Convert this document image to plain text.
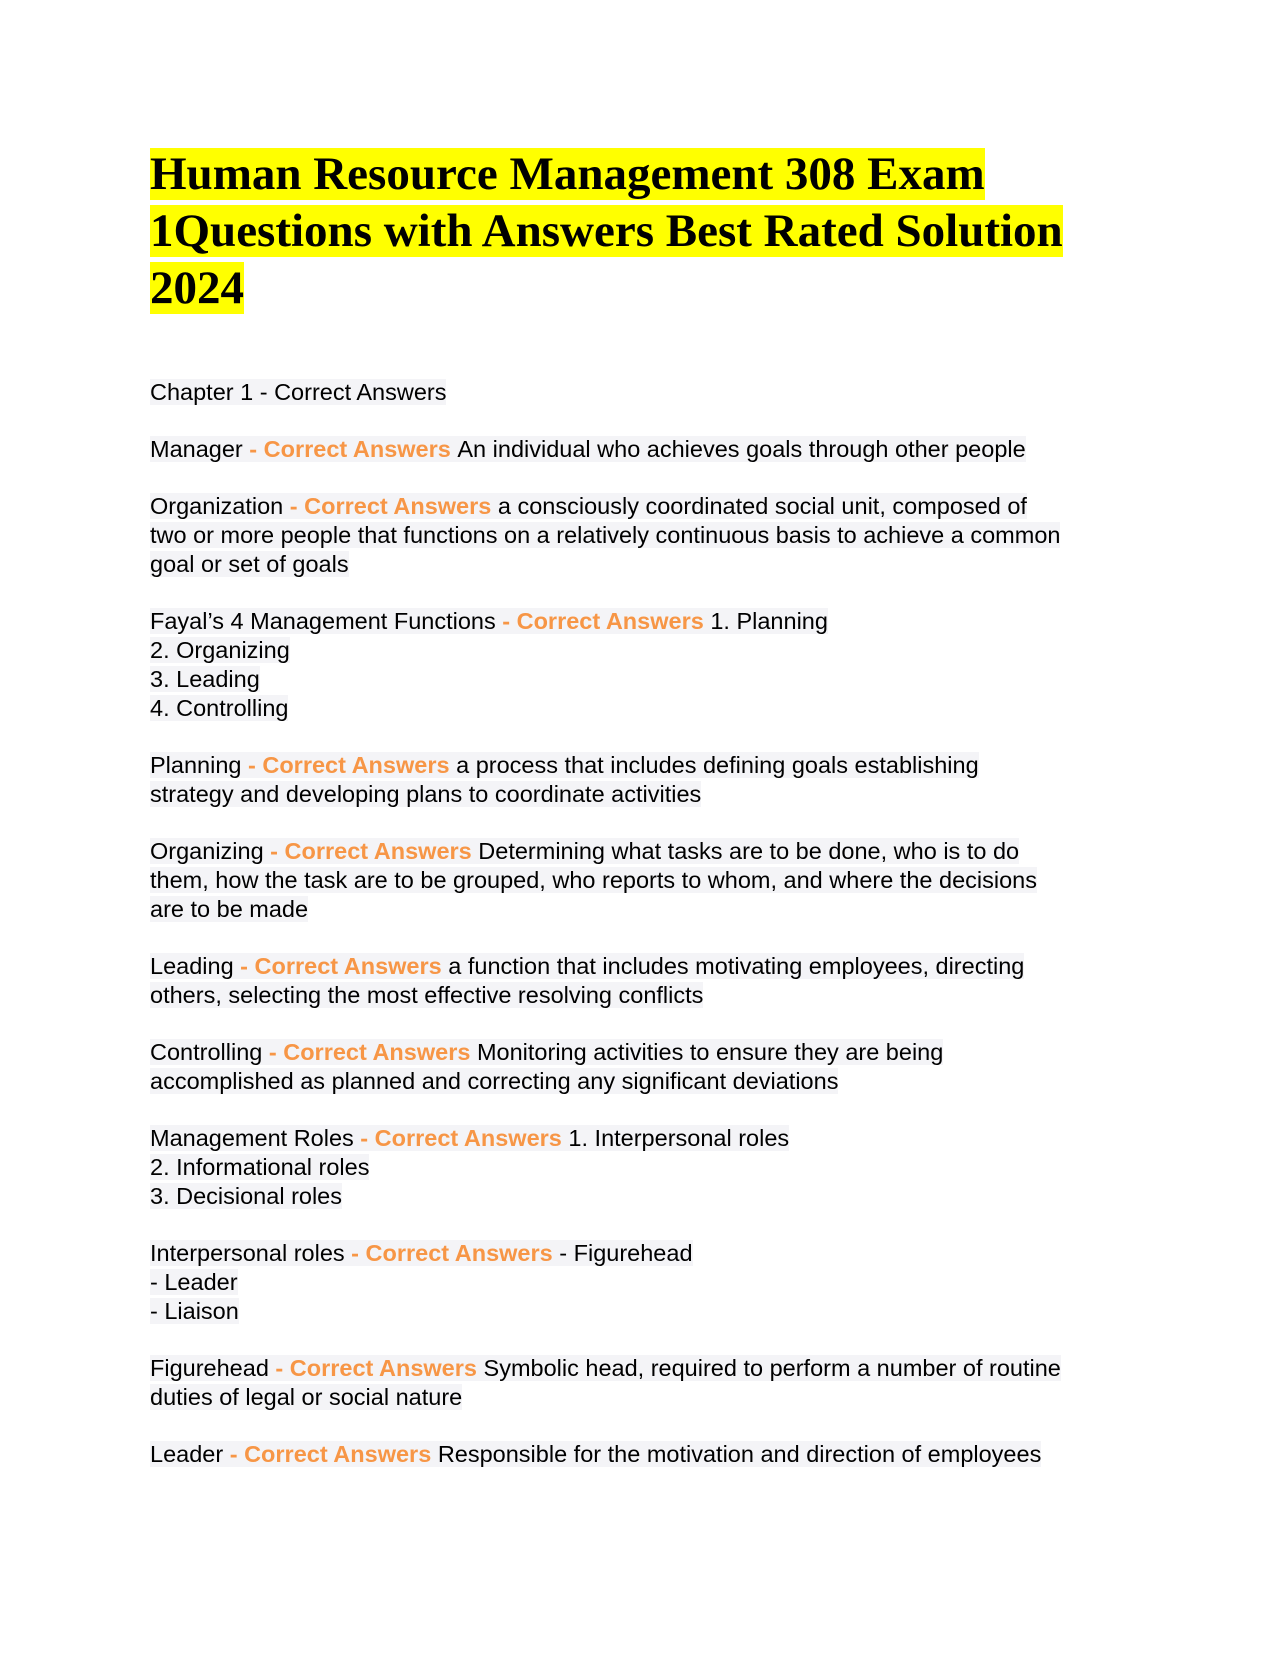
Human Resource Management 308 Exam 1Questions with Answers Best Rated Solution 2024

Chapter 1 - Correct Answers

Manager - Correct Answers An individual who achieves goals through other people

Organization - Correct Answers a consciously coordinated social unit, composed of
two or more people that functions on a relatively continuous basis to achieve a common
goal or set of goals

Fayal’s 4 Management Functions - Correct Answers 1. Planning
2. Organizing
3. Leading
4. Controlling

Planning - Correct Answers a process that includes defining goals establishing
strategy and developing plans to coordinate activities

Organizing - Correct Answers Determining what tasks are to be done, who is to do
them, how the task are to be grouped, who reports to whom, and where the decisions
are to be made

Leading - Correct Answers a function that includes motivating employees, directing
others, selecting the most effective resolving conflicts

Controlling - Correct Answers Monitoring activities to ensure they are being
accomplished as planned and correcting any significant deviations

Management Roles - Correct Answers 1. Interpersonal roles
2. Informational roles
3. Decisional roles

Interpersonal roles - Correct Answers - Figurehead
- Leader
- Liaison

Figurehead - Correct Answers Symbolic head, required to perform a number of routine
duties of legal or social nature

Leader - Correct Answers Responsible for the motivation and direction of employees
